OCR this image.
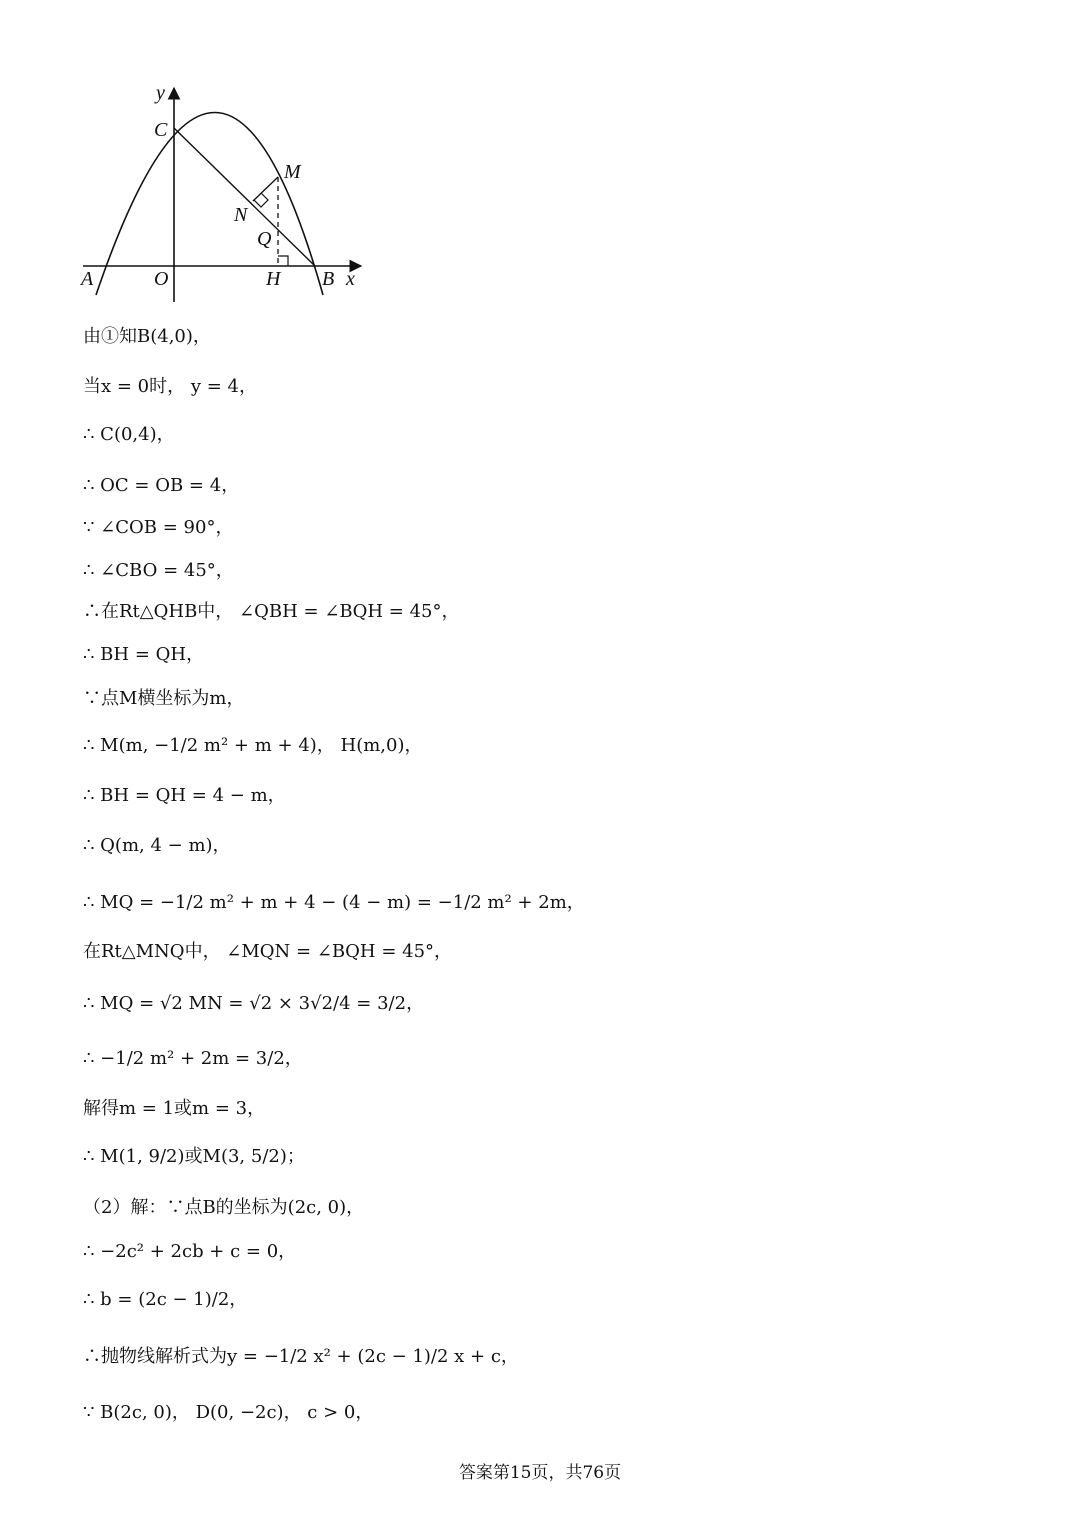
y
C
M
N
Q
A	O	H B x
由①知B(4,0)，
当x = 0时， y = 4，
∴ C(0,4)，
∴ OC = OB = 4，
∵ ∠COB = 90°，
∴ ∠CBO = 45°，
∴在Rt△QHB中， ∠QBH = ∠BQH = 45°，
∴ BH = QH，
∵点M横坐标为m，
∴ M(m, −1/2 m² + m + 4)， H(m,0)，
∴ BH = QH = 4 − m，
∴ Q(m, 4 − m)，
∴ MQ = −1/2 m² + m + 4 − (4 − m) = −1/2 m² + 2m，
在Rt△MNQ中， ∠MQN = ∠BQH = 45°，
∴ MQ = √2 MN = √2 × 3√2/4 = 3/2，
∴ −1/2 m² + 2m = 3/2，
解得m = 1或m = 3，
∴ M(1, 9/2)或M(3, 5/2)；
（2）解：∵点B的坐标为(2c, 0)，
∴ −2c² + 2cb + c = 0，
∴ b = (2c − 1)/2，
∴抛物线解析式为y = −1/2 x² + (2c − 1)/2 x + c，
∵ B(2c, 0)， D(0, −2c)， c > 0，
答案第15页，共76页
